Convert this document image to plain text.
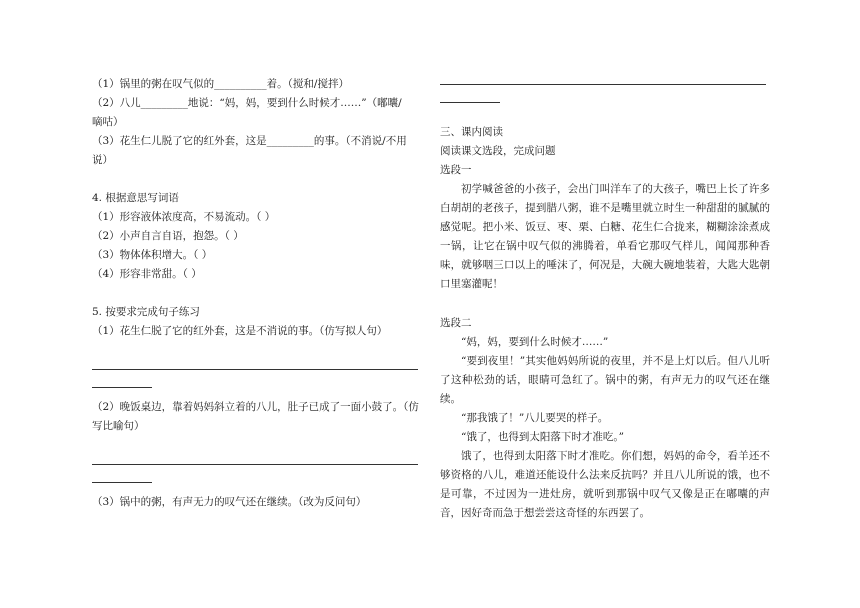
（1）锅里的粥在叹气似的__________着。（搅和/搅拌）
（2）八儿_________地说：“妈，妈，要到什么时候才……”（嘟囔/
嘀咕）
（3）花生仁儿脱了它的红外套，这是_________的事。（不消说/不用
说）
4. 根据意思写词语
（1）形容液体浓度高，不易流动。（ ）
（2）小声自言自语，抱怨。（ ）
（3）物体体积增大。（ ）
（4）形容非常甜。（ ）
5. 按要求完成句子练习
（1）花生仁脱了它的红外套，这是不消说的事。（仿写拟人句）
（2）晚饭桌边，靠着妈妈斜立着的八儿，肚子已成了一面小鼓了。（仿
写比喻句）
（3）锅中的粥，有声无力的叹气还在继续。（改为反问句）
三、课内阅读
阅读课文选段，完成问题
选段一
初学喊爸爸的小孩子，会出门叫洋车了的大孩子，嘴巴上长了许多白胡胡的老孩子，提到腊八粥，谁不是嘴里就立时生一种甜甜的腻腻的感觉呢。把小米、饭豆、枣、栗、白糖、花生仁合拢来，糊糊涂涂煮成一锅，让它在锅中叹气似的沸腾着，单看它那叹气样儿，闻闻那种香味，就够咽三口以上的唾沫了，何况是，大碗大碗地装着，大匙大匙朝口里塞灌呢！
选段二
“妈，妈，要到什么时候才……”
“要到夜里！”其实他妈妈所说的夜里，并不是上灯以后。但八儿听了这种松劲的话，眼睛可急红了。锅中的粥，有声无力的叹气还在继续。
“那我饿了！”八儿要哭的样子。
“饿了，也得到太阳落下时才准吃。”
饿了，也得到太阳落下时才准吃。你们想，妈妈的命令，看羊还不够资格的八儿，难道还能设什么法来反抗吗？并且八儿所说的饿，也不是可靠，不过因为一进灶房，就听到那锅中叹气又像是正在嘟囔的声音，因好奇而急于想尝尝这奇怪的东西罢了。
